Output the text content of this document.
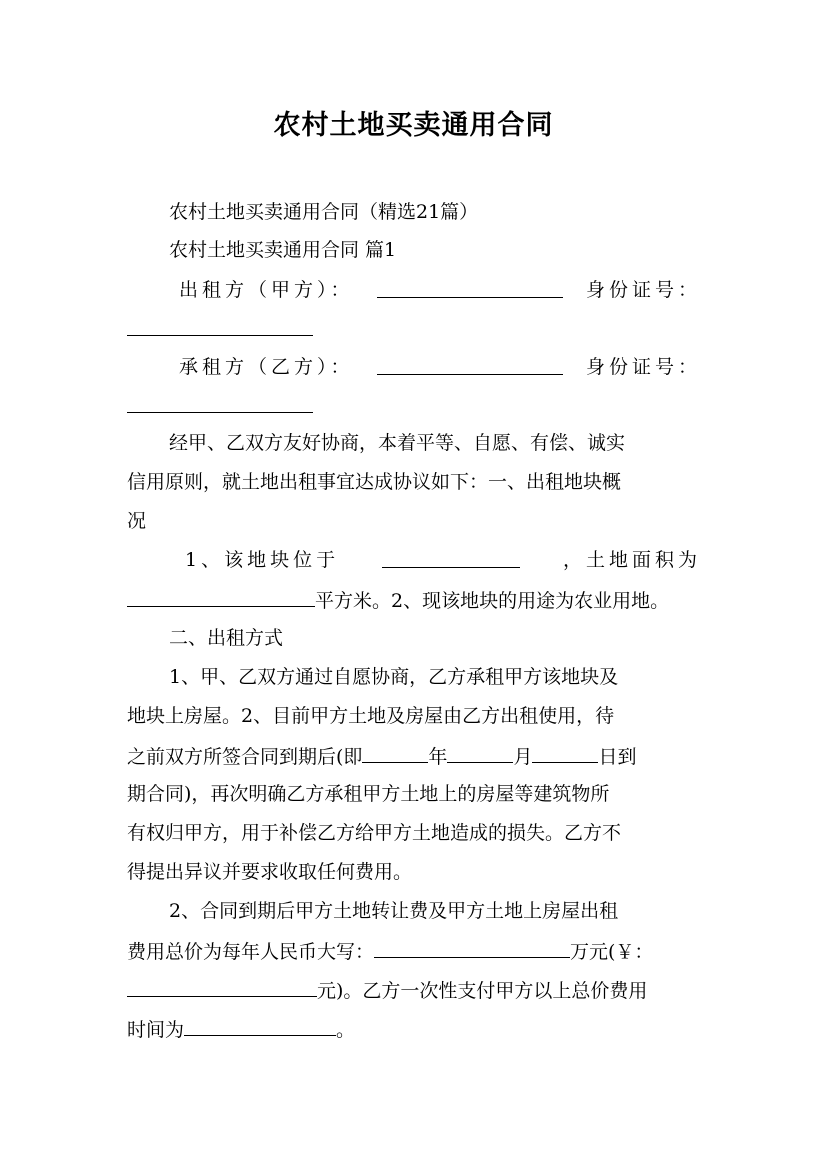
农村土地买卖通用合同
农村土地买卖通用合同（精选21篇）
农村土地买卖通用合同 篇1
出租方（甲方）：	身份证号：
承租方（乙方）：	身份证号：
经甲、乙双方友好协商，本着平等、自愿、有偿、诚实
信用原则，就土地出租事宜达成协议如下：一、出租地块概
况
1、该地块位于	，土地面积为
平方米。2、现该地块的用途为农业用地。
二、出租方式
1、甲、乙双方通过自愿协商，乙方承租甲方该地块及
地块上房屋。2、目前甲方土地及房屋由乙方出租使用，待
之前双方所签合同到期后(即	年	月	日到
期合同)，再次明确乙方承租甲方土地上的房屋等建筑物所
有权归甲方，用于补偿乙方给甲方土地造成的损失。乙方不
得提出异议并要求收取任何费用。
2、合同到期后甲方土地转让费及甲方土地上房屋出租
费用总价为每年人民币大写：	万元(￥：
元)。乙方一次性支付甲方以上总价费用
时间为	。
